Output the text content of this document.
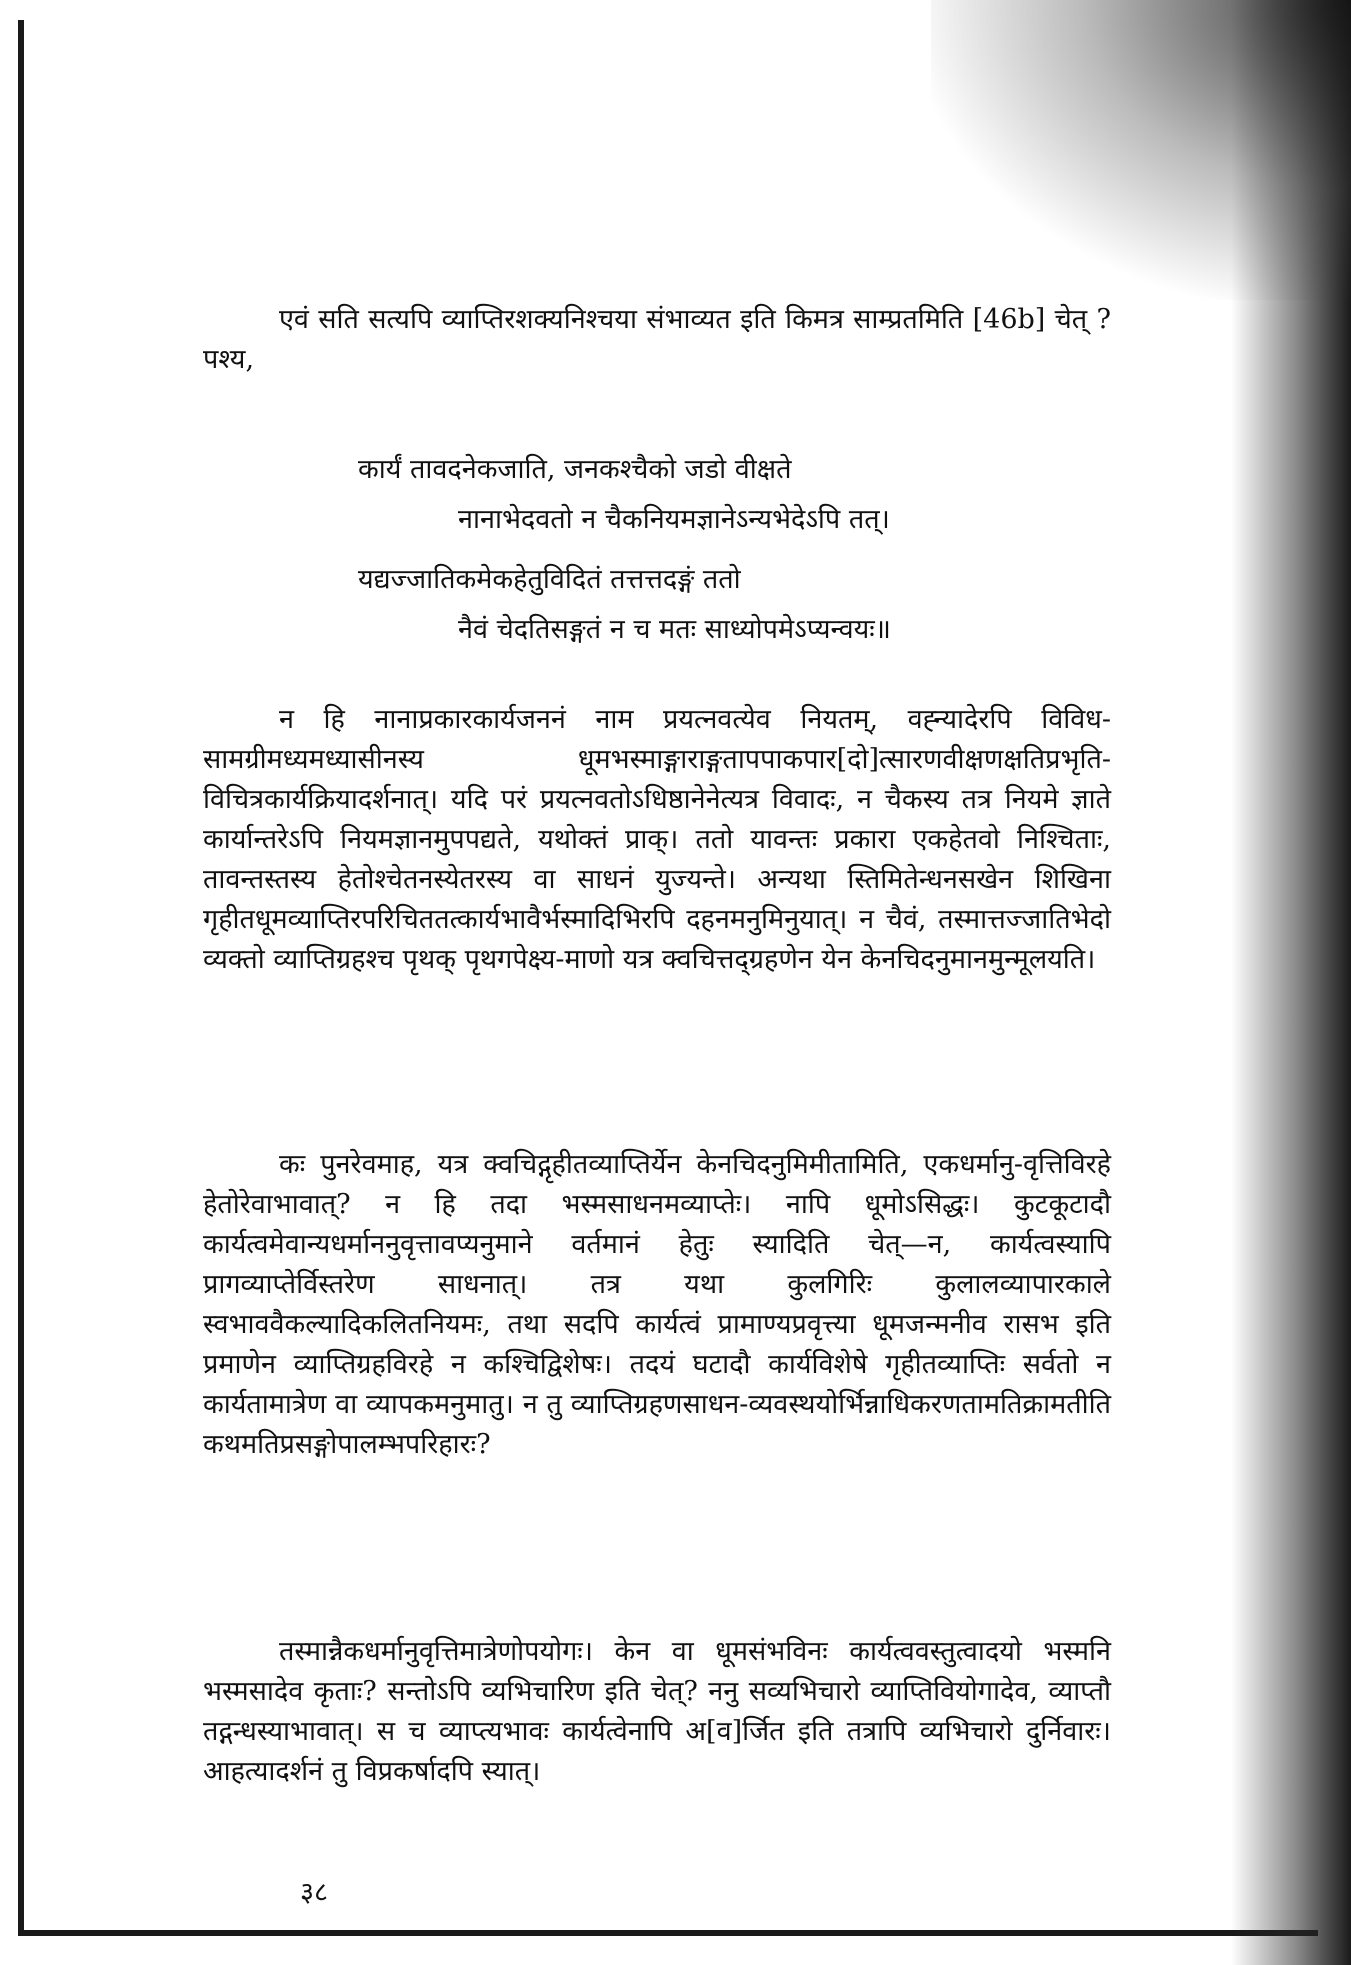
एवं सति सत्यपि व्याप्तिरशक्यनिश्चया संभाव्यत इति किमत्र साम्प्रतमिति [46b] चेत् ? पश्य,

कार्यं तावदनेकजाति, जनकश्चैको जडो वीक्षते
नानाभेदवतो न चैकनियमज्ञानेऽन्यभेदेऽपि तत्।
यद्यज्जातिकमेकहेतुविदितं तत्तत्तदङ्गं ततो
नैवं चेदतिसङ्गतं न च मतः साध्योपमेऽप्यन्वयः॥

न हि नानाप्रकारकार्यजननं नाम प्रयत्नवत्येव नियतम्, वह्न्यादेरपि विविध-सामग्रीमध्यमध्यासीनस्य धूमभस्माङ्गाराङ्गतापपाकपार[दो]त्सारणवीक्षणक्षतिप्रभृति-विचित्रकार्यक्रियादर्शनात्। यदि परं प्रयत्नवतोऽधिष्ठानेनेत्यत्र विवादः, न चैकस्य तत्र नियमे ज्ञाते कार्यान्तरेऽपि नियमज्ञानमुपपद्यते, यथोक्तं प्राक्। ततो यावन्तः प्रकारा एकहेतवो निश्चिताः, तावन्तस्तस्य हेतोश्चेतनस्येतरस्य वा साधनं युज्यन्ते। अन्यथा स्तिमितेन्धनसखेन शिखिना गृहीतधूमव्याप्तिरपरिचिततत्कार्यभावैर्भस्मादिभिरपि दहनमनुमिनुयात्। न चैवं, तस्मात्तज्जातिभेदो व्यक्तो व्याप्तिग्रहश्च पृथक् पृथगपेक्ष्य-माणो यत्र क्वचित्तद्ग्रहणेन येन केनचिदनुमानमुन्मूलयति।

कः पुनरेवमाह, यत्र क्वचिद्गृहीतव्याप्तिर्येन केनचिदनुमिमीतामिति, एकधर्मानु-वृत्तिविरहे हेतोरेवाभावात्? न हि तदा भस्मसाधनमव्याप्तेः। नापि धूमोऽसिद्धः। कुटकूटादौ कार्यत्वमेवान्यधर्माननुवृत्तावप्यनुमाने वर्तमानं हेतुः स्यादिति चेत्—न, कार्यत्वस्यापि प्रागव्याप्तेर्विस्तरेण साधनात्। तत्र यथा कुलगिरिः कुलालव्यापारकाले स्वभाववैकल्यादिकलितनियमः, तथा सदपि कार्यत्वं प्रामाण्यप्रवृत्त्या धूमजन्मनीव रासभ इति प्रमाणेन व्याप्तिग्रहविरहे न कश्चिद्विशेषः। तदयं घटादौ कार्यविशेषे गृहीतव्याप्तिः सर्वतो न कार्यतामात्रेण वा व्यापकमनुमातु। न तु व्याप्तिग्रहणसाधन-व्यवस्थयोर्भिन्नाधिकरणतामतिक्रामतीति कथमतिप्रसङ्गोपालम्भपरिहारः?

तस्मान्नैकधर्मानुवृत्तिमात्रेणोपयोगः। केन वा धूमसंभविनः कार्यत्ववस्तुत्वादयो भस्मनि भस्मसादेव कृताः? सन्तोऽपि व्यभिचारिण इति चेत्? ननु सव्यभिचारो व्याप्तिवियोगादेव, व्याप्तौ तद्गन्धस्याभावात्। स च व्याप्त्यभावः कार्यत्वेनापि अ[व]र्जित इति तत्रापि व्यभिचारो दुर्निवारः। आहत्यादर्शनं तु विप्रकर्षादपि स्यात्।

३८
